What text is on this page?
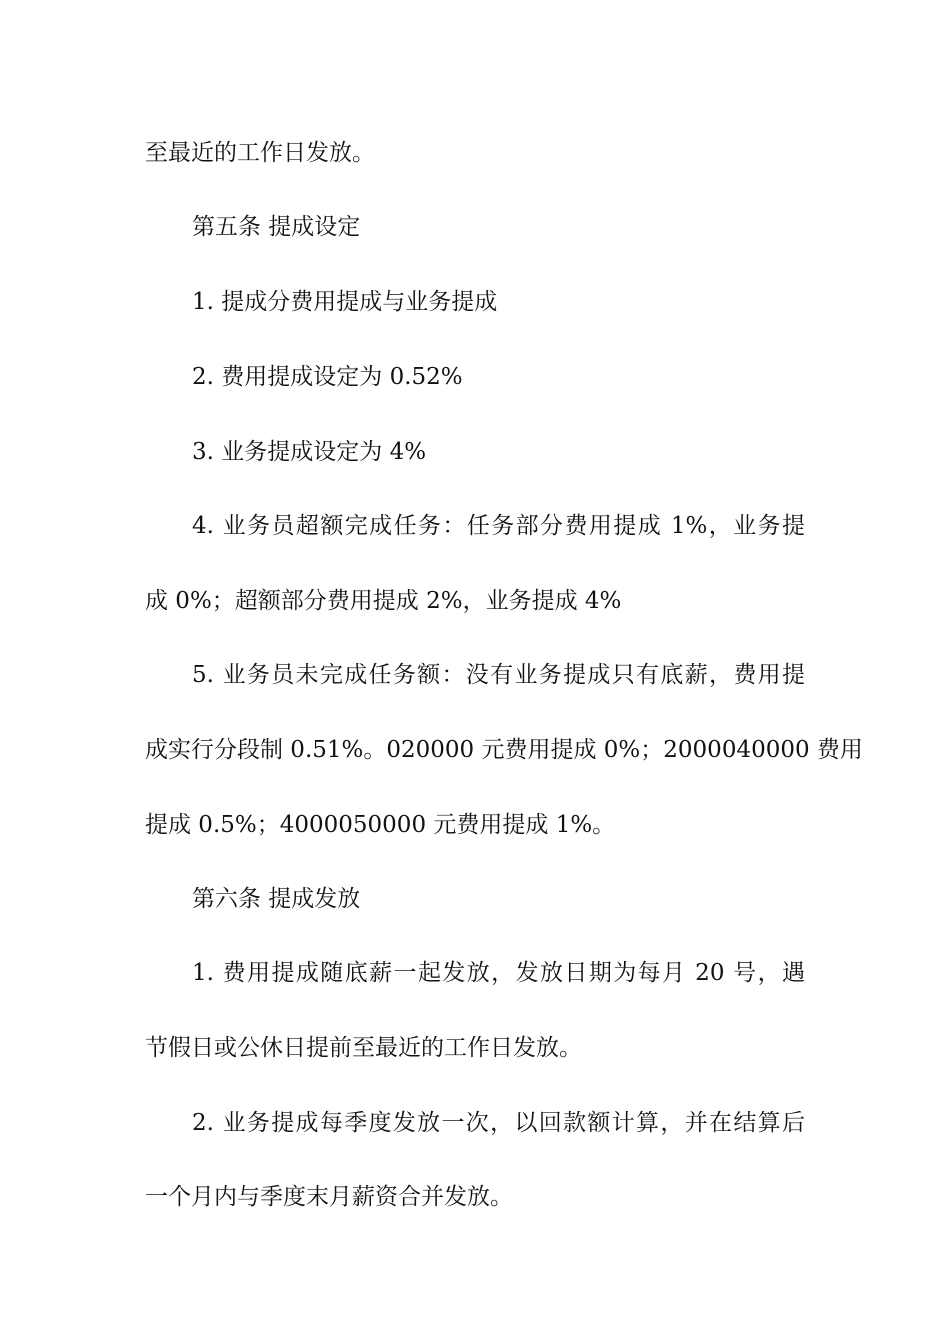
至最近的工作日发放。
第五条 提成设定
1. 提成分费用提成与业务提成
2. 费用提成设定为 0.52%
3. 业务提成设定为 4%
4. 业务员超额完成任务：任务部分费用提成 1%，业务提
成 0%；超额部分费用提成 2%，业务提成 4%
5. 业务员未完成任务额：没有业务提成只有底薪，费用提
成实行分段制 0.51%。020000 元费用提成 0%；2000040000 费用
提成 0.5%；4000050000 元费用提成 1%。
第六条 提成发放
1. 费用提成随底薪一起发放，发放日期为每月 20 号，遇
节假日或公休日提前至最近的工作日发放。
2. 业务提成每季度发放一次，以回款额计算，并在结算后
一个月内与季度末月薪资合并发放。
